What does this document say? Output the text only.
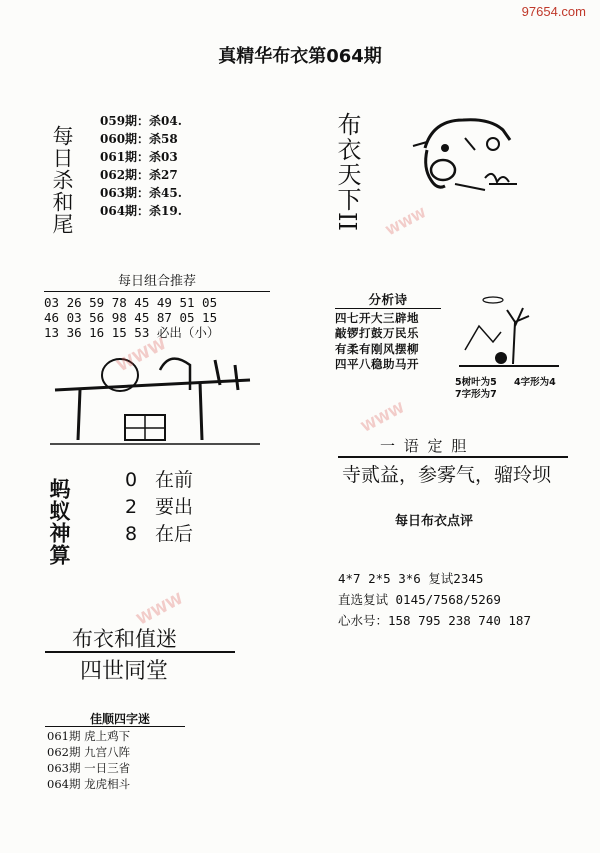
97654.com
真精华布衣第064期
每日杀和尾
059期：杀04.
060期：杀58
061期：杀03
062期：杀27
063期：杀45.
064期：杀19.	布衣天下II
每日组合推荐
03 26 59 78 45 49 51 05
46 03 56 98 45 87 05 15
13 36 16 15 53 必出（小）
分析诗
四七开大三辟地
敲锣打鼓万民乐
有柔有刚风摆柳
四平八稳助马开
5树叶为5 4字形为4
7字形为7
一 语 定 胆
寺贰益，参雾气，骝玲坝
蚂蚁神算	0 在前
2 要出
8 在后
每日布衣点评
4*7 2*5 3*6 复试2345
直选复试 0145/7568/5269
心水号：158 795 238 740 187
布衣和值迷
四世同堂
佳顺四字迷
061期 虎上鸡下
062期 九宫八阵
063期 一日三省
064期 龙虎相斗
WWW
WWW
WWW
WWW
